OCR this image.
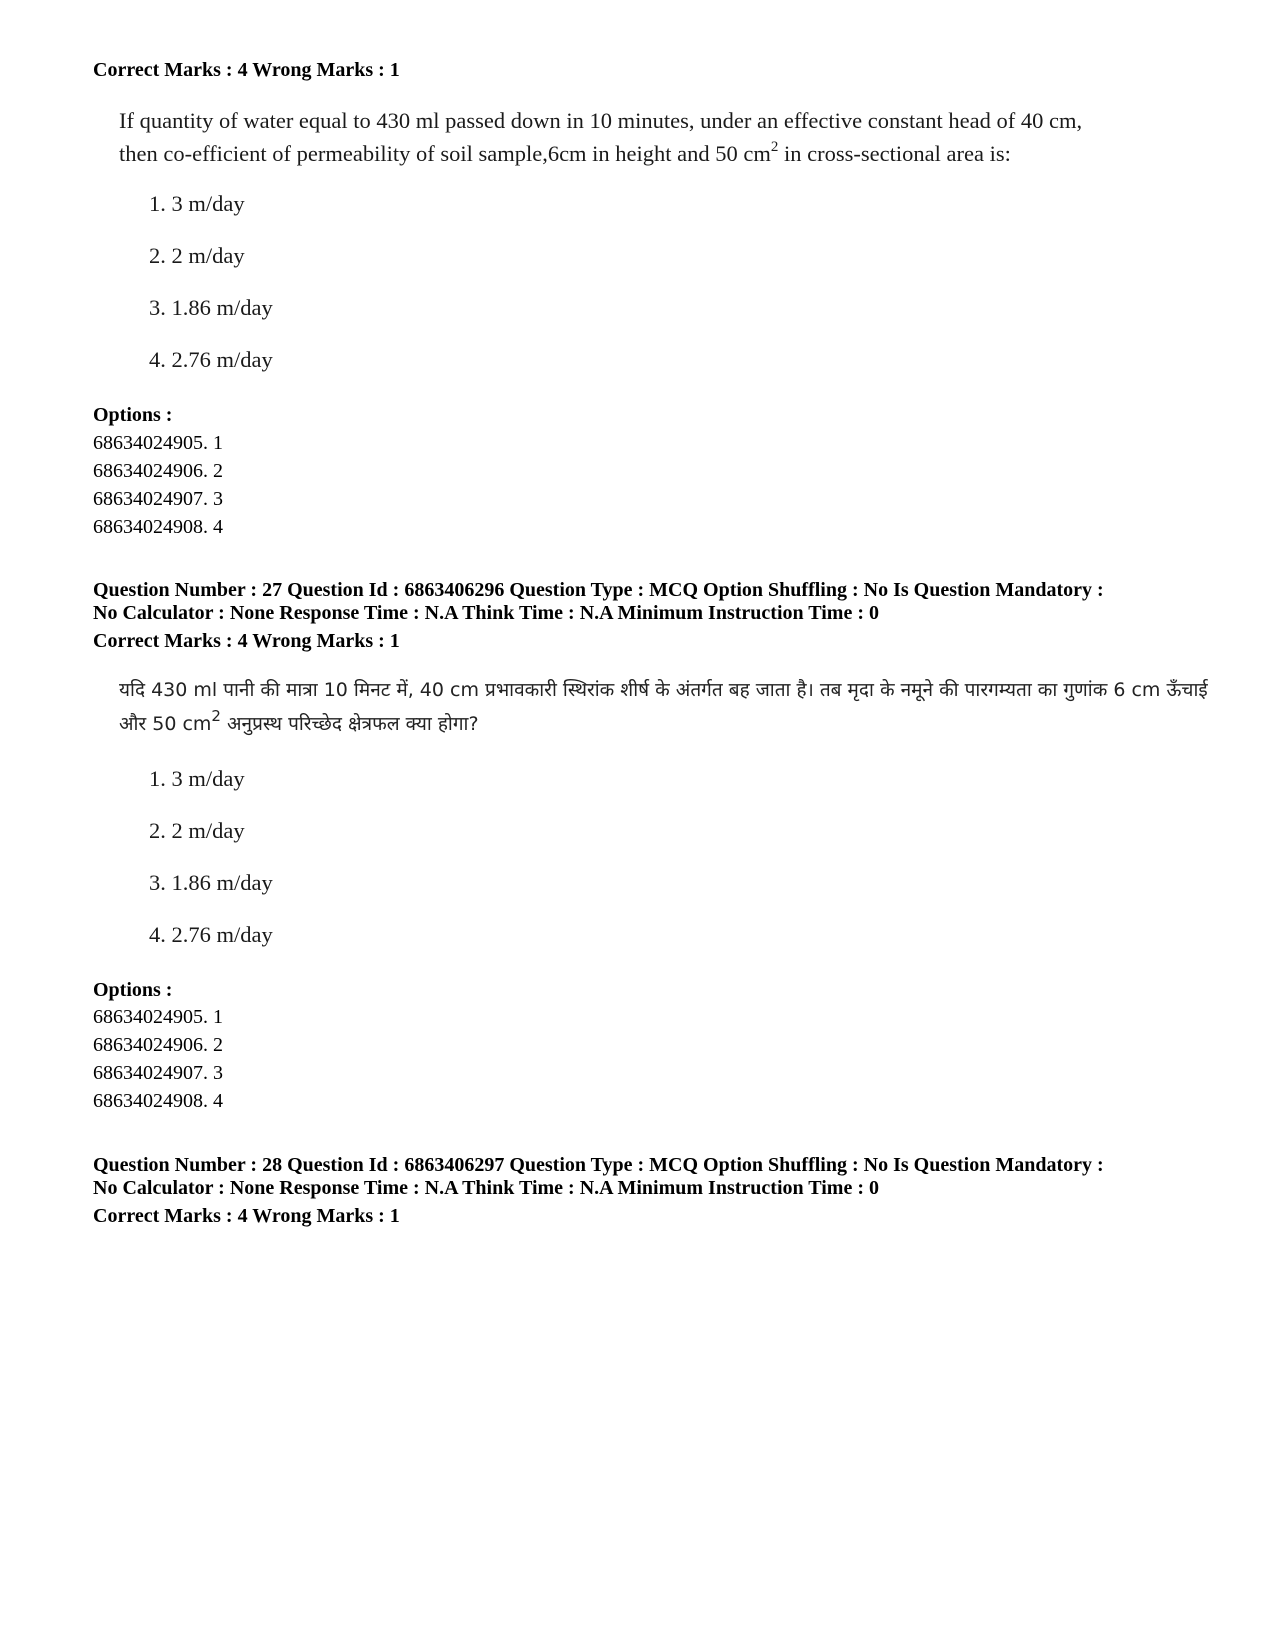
Correct Marks : 4 Wrong Marks : 1
If quantity of water equal to 430 ml passed down in 10 minutes, under an effective constant head of 40 cm,
then co-efficient of permeability of soil sample,6cm in height and 50 $cm^2$ in cross-sectional area is:
1. 3 m/day
2. 2 m/day
3. 1.86 m/day
4. 2.76 m/day
Options :
68634024905. 1
68634024906. 2
68634024907. 3
68634024908. 4
Question Number : 27 Question Id : 6863406296 Question Type : MCQ Option Shuffling : No Is Question Mandatory :
No Calculator : None Response Time : N.A Think Time : N.A Minimum Instruction Time : 0
Correct Marks : 4 Wrong Marks : 1
यदि 430 ml पानी की मात्रा 10 मिनट में, 40 cm प्रभावकारी स्थिरांक शीर्ष के अंतर्गत बह जाता है। तब मृदा के नमूने की पारगम्यता का गुणांक 6 cm ऊँचाई
और 50 $cm^2$ अनुप्रस्थ परिच्छेद क्षेत्रफल क्या होगा?
1. 3 m/day
2. 2 m/day
3. 1.86 m/day
4. 2.76 m/day
Options :
68634024905. 1
68634024906. 2
68634024907. 3
68634024908. 4
Question Number : 28 Question Id : 6863406297 Question Type : MCQ Option Shuffling : No Is Question Mandatory :
No Calculator : None Response Time : N.A Think Time : N.A Minimum Instruction Time : 0
Correct Marks : 4 Wrong Marks : 1
